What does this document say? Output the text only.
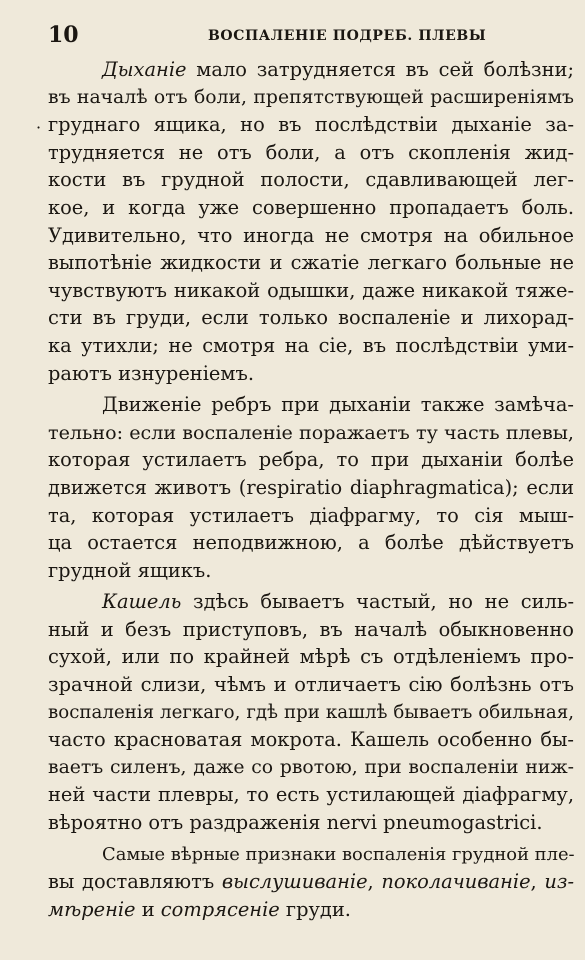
10	ВОСПАЛЕНІЕ ПОДРЕБ. ПЛЕВЫ
·

Дыханіе мало затрудняется въ сей болѣзни;
въ началѣ отъ боли, препятствующей расширенiямъ
груднаго ящика, но въ послѣдствіи дыханіе за-
трудняется не отъ боли, а отъ скопленія жид-
кости въ грудной полости, сдавливающей лег-
кое, и когда уже совершенно пропадаетъ боль.
Удивительно, что иногда не смотря на обильное
выпотѣніе жидкости и сжатіе легкаго больные не
чувствуютъ никакой одышки, даже никакой тяже-
сти въ груди, если только воспаленіе и лихорад-
ка утихли; не смотря на сіе, въ послѣдствіи уми-
раютъ изнуреніемъ.

Движеніе ребръ при дыханіи также замѣча-
тельно: если воспаленіе поражаетъ ту часть плевы,
которая устилаетъ ребра, то при дыханіи болѣе
движется животъ (respiratio diaphragmatica); если
та, которая устилаетъ діафрагму, то сія мыш-
ца остается неподвижною, а болѣе дѣйствуетъ
грудной ящикъ.

Кашель здѣсь бываетъ частый, но не силь-
ный и безъ приступовъ, въ началѣ обыкновенно
сухой, или по крайней мѣрѣ съ отдѣленіемъ про-
зрачной слизи, чѣмъ и отличаетъ сію болѣзнь отъ
воспаленія легкаго, гдѣ при кашлѣ бываетъ обильная,
часто красноватая мокрота. Кашель особенно бы-
ваетъ силенъ, даже со рвотою, при воспаленіи ниж-
ней части плевры, то есть устилающей діафрагму,
вѣроятно отъ раздраженія nervi pneumogastrici.

Самые вѣрные признаки воспаленія грудной пле-
вы доставляютъ выслушиваніе, поколачиваніе, из-
мѣреніе и сотрясеніе груди.
